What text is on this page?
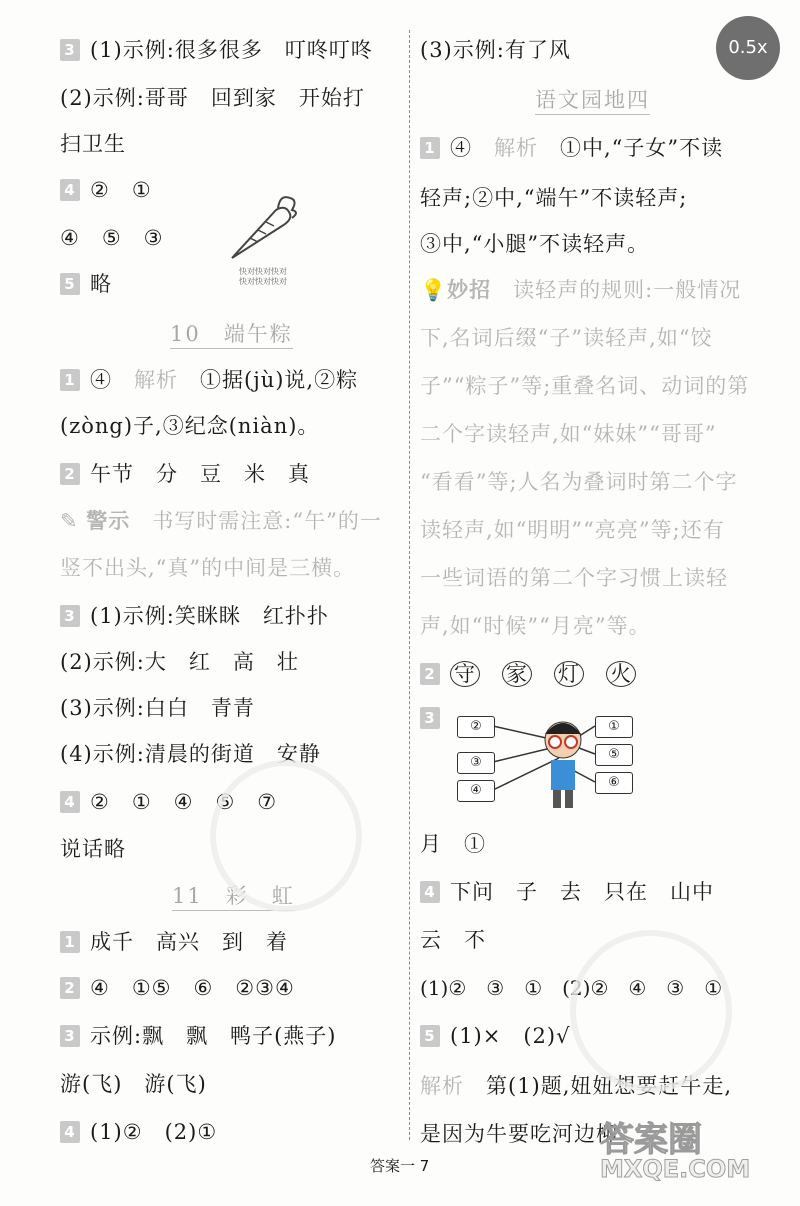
3 (1)示例:很多很多　叮咚叮咚
(2)示例:哥哥　回到家　开始打
扫卫生
4 ②　①
④　⑤　③
5 略
10　端午粽
1 ④　 解析　 ①据(jù)说,②粽
(zòng)子,③纪念(niàn)。
2 午节　分　豆　米　真
✎ 警示　 书写时需注意:“午”的一
竖不出头,“真”的中间是三横。
3 (1)示例:笑眯眯　红扑扑
(2)示例:大　红　高　壮
(3)示例:白白　青青
(4)示例:清晨的街道　安静
4 ②　①　④　⑤　⑦
说话略
11　彩　虹
1 成千　高兴　到　着
2 ④　①⑤　⑥　②③④
3 示例:飘　飘　鸭子(燕子)
游(飞)　游(飞)
4 (1)②　(2)①
快对快对快对
快对快对快对
(3)示例:有了风
语文园地四
1 ④　 解析　 ①中,“子女”不读
轻声;②中,“端午”不读轻声;
③中,“小腿”不读轻声。
💡妙招　 读轻声的规则:一般情况
下,名词后缀“子”读轻声,如“饺
子”“粽子”等;重叠名词、动词的第
二个字读轻声,如“妹妹”“哥哥”
“看看”等;人名为叠词时第二个字
读轻声,如“明明”“亮亮”等;还有
一些词语的第二个字习惯上读轻
声,如“时候”“月亮”等。
2 守　 家　 灯　 火
3	②
③
④
①
⑤
⑥
月　①
4 下问　子　去　只在　山中
云　不
(1)②　③　①　(2)②　④　③　①
5 (1)×　(2)√
解析　 第(1)题,妞妞想要赶牛走,
是因为牛要吃河边柳
0.5x
答案一 7
答案圈
MXQE.COM
